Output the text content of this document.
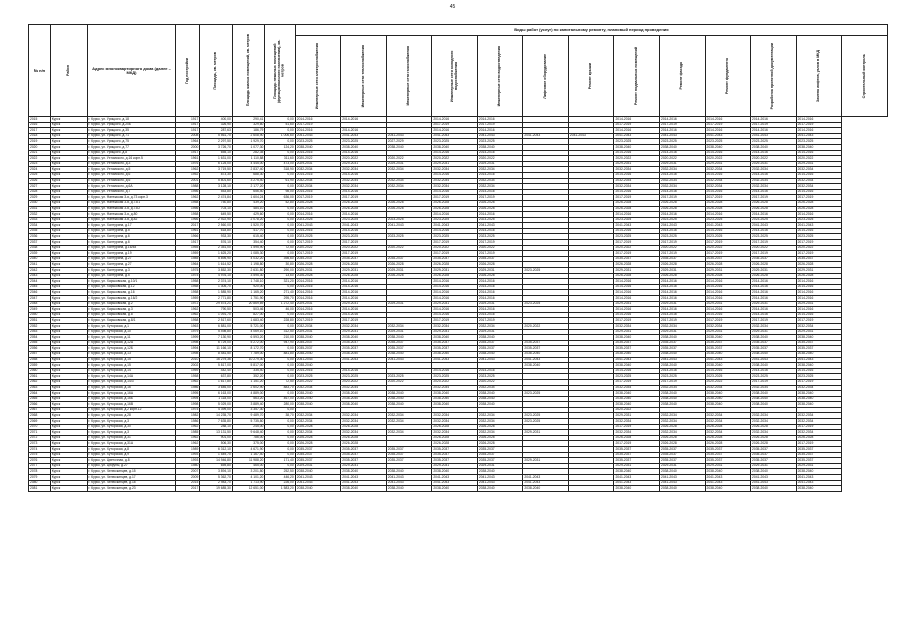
45
№ п/п	Район	Адрес многоквартирного дома (далее – МКД)	Год постройки	Площадь, кв. метров	Площадь жилых помещений, кв. метров	Площадь нежилых помещений (функционального назначения), кв. метров	Виды работ (услуг) по капитальному ремонту, плановый период проведения												

							Инженерные сети электроснабжения	Инженерные сети теплоснабжения	Инженерные сети газоснабжения	Инженерные сети холодного водоснабжения	Инженерные сети водоотведения	Лифтовое оборудование	Ремонт крыши	Ремонт подвальных помещений	Ремонт фасада	Ремонт фундамента	Разработка проектной документации	Замена лифтов, узлов в МКД	Строительный контроль

2015	Курск	г. Курск, ул. Урицкого, д.18	1917	400,00	290,41	0,00	2014-2016	2014-2016		2014-2016	2014-2016			2014-2016	2014-2016	2014-2016	2014-2016	2014-2016	
2016	Курск	г. Курск, ул. Урицкого, д.20Б	1917	326,90	329,60	51,60	2017-2019			2017-2019	2017-2019			2017-2019	2017-2019	2017-2019	2017-2019	2017-2019	
2017	Курск	г. Курск, ул. Урицкого, д.35	1917	287,63	186,79	0,00	2014-2016	2014-2016		2014-2016	2014-2016			2014-2016	2014-2016	2014-2016	2014-2016	2014-2016	
2018	Курск	г. Курск, ул. Урицкого, д.71	2008	5 561,70	2 608,90	1 006,60	2041-2043	2041-2043	2041-2043	2041-2043	2041-2043	2041-2043	2041-2043	2041-2043	2041-2043	2041-2043	2041-2043	2041-2043	
2019	Курск	г. Курск, ул. Урицкого, д.75	1964	2 297,50	1 929,70	0,00	2023-2025	2023-2025	2027-2029	2023-2025	2023-2025			2023-2025	2023-2025	2023-2025	2023-2025	2023-2025	
2020	Курск	г. Курск, ул. Урицкого, д.77	2000	3 726,70	1 077,30	124,20	2038-2040	2038-2040	2038-2040	2038-2040	2038-2040			2038-2040	2038-2040	2038-2040	2038-2040	2038-2040	
2021	Курск	г. Курск, ул. Урицкого, д.8	1917	655,10	282,35	0,00	2014-2016	2014-2016		2014-2016	2014-2016			2014-2016	2014-2016	2014-2016	2014-2016	2014-2016	
2022	Курск	г. Курск, ул. Ухтомского, д.16 корп.5	1961	1 631,00	1 110,88	311,60	2020-2022	2020-2022	2020-2022	2020-2022	2020-2022			2020-2022	2020-2022	2020-2022	2020-2022	2020-2022	
2023	Курск	г. Курск, ул. Ухтомского, д.3	1976	6 125,00	4 445,00	473,00	2029-2031	2029-2031	2029-2031	2029-2031	2029-2031			2029-2031	2029-2031	2029-2031	2029-2031	2029-2031	
2024	Курск	г. Курск, ул. Ухтомского, д.5	1962	3 719,50	2 837,40	318,90	2032-2034	2032-2034	2032-2034	2032-2034	2032-2034			2032-2034	2032-2034	2032-2034	2032-2034	2032-2034	
2025	Курск	г. Курск, ул. Ухтомского, д.6	1952	873,30	688,30	0,00	2014-2016	2014-2016		2014-2016	2014-2016			2014-2016	2014-2016	2014-2016	2014-2016	2014-2016	
2026	Курск	г. Курск, ул. Ухтомского, д.6	2001	5 801,60	3 275,40	61,90	2032-2034	2032-2034	2032-2034	2032-2034	2032-2034			2032-2034	2032-2034	2032-2034	2032-2034	2032-2034	
2027	Курск	г. Курск, ул. Ухтомского, д.6А	1988	3 128,10	2 177,20	0,00	2032-2034	2032-2034	2032-2034	2032-2034	2032-2034			2032-2034	2032-2034	2032-2034	2032-2034	2032-2034	
2028	Курск	г. Курск, ул. Ухтомского, д.7	1956	553,80	656,40	98,00	2014-2016	2014-2016		2014-2016	2014-2016			2014-2016	2014-2016	2014-2016	2014-2016	2014-2016	
2029	Курск	г. Курск, ул. Фатежская 3-я, д.73 корп.3	1962	2 474,84	1 604,24	636,00	2017-2019	2017-2019		2017-2019	2017-2019			2017-2019	2017-2019	2017-2019	2017-2019	2017-2019	
2030	Курск	г. Курск, ул. Фатежская 3-я, д.73/1	1958	750,80	439,20	52,80	2026-2028	2026-2028	2026-2028	2026-2028	2026-2028			2026-2028	2026-2028	2026-2028	2026-2028	2026-2028	
2031	Курск	г. Курск, ул. Фатежская 3-я, д.73/2	1956	703,10	484,10	0,00	2026-2028	2026-2028	2026-2028	2026-2028	2026-2028			2026-2028	2026-2028	2026-2028	2026-2028	2026-2028	
2032	Курск	г. Курск, ул. Фатежская 3-я, д.80	1958	649,50	429,60	0,00	2014-2016	2014-2016		2014-2016	2014-2016			2014-2016	2014-2016	2014-2016	2014-2016	2014-2016	
2033	Курск	г. Курск, ул. Фатежская 3-я, д.82	1966	2 922,90	2 078,20	0,00	2023-2025	2023-2025	2023-2025	2023-2025	2023-2025			2023-2025	2023-2025	2023-2025	2023-2025	2023-2025	
2034	Курск	г. Курск, ул. Халтурина, д.17	2017	2 560,00	1 520,70	0,00	2041-2043	2041-2043	2041-2043	2041-2043	2041-2043			2041-2043	2041-2043	2041-2043	2041-2043	2041-2043	
2035	Курск	г. Курск, ул. Халтурина, д.5	1961	618,80	417,70	0,00	2014-2016	2014-2016		2014-2016	2014-2016			2014-2016	2014-2016	2014-2016	2014-2016	2014-2016	
2036	Курск	г. Курск, ул. Халтурина, д.6	1966	933,30	615,40	0,00	2023-2025	2023-2025	2023-2025	2023-2025	2023-2025			2023-2025	2023-2025	2023-2025	2023-2025	2023-2025	
2037	Курск	г. Курск, ул. Халтурина, д.6	1917	576,10	354,40	0,00	2017-2019	2017-2019		2017-2019	2017-2019			2017-2019	2017-2019	2017-2019	2017-2019	2017-2019	
2038	Курск	г. Курск, ул. Халтурина, д.16/48	1955	2 351,00	1 595,90	72,50	2020-2022	2020-2022	2020-2022	2020-2022	2020-2022			2020-2022	2020-2022	2020-2022	2020-2022	2020-2022	
2039	Курск	г. Курск, ул. Халтурина, д.19	1959	1 625,20	1 085,30	0,00	2017-2019	2017-2019		2017-2019	2017-2019			2017-2019	2017-2019	2017-2019	2017-2019	2017-2019	
2040	Курск	г. Курск, ул. Халтурина, д.27	1985	5 895,90	4 032,20	398,60	2035-2037	2035-2037	2035-2037	2035-2037	2035-2037			2035-2037	2035-2037	2035-2037	2035-2037	2035-2037	
2041	Курск	г. Курск, ул. Халтурина, д.27	1964	1 614,52	1 198,80	30,80	2026-2028	2026-2028	2026-2028	2026-2028	2026-2028			2026-2028	2026-2028	2026-2028	2026-2028	2026-2028	
2042	Курск	г. Курск, ул. Халтурина, д.3	1975	3 852,30	2 631,80	290,00	2029-2031	2029-2031	2029-2031	2029-2031	2029-2031	2023-2025		2029-2031	2029-2031	2029-2031	2029-2031	2029-2031	
2043	Курск	г. Курск, ул. Халтурина, д.5	1975	4 976,10	3 595,30	13,60	2026-2028	2026-2028	2026-2028	2026-2028	2026-2028			2026-2028	2026-2028	2026-2028	2026-2028	2026-2028	
2044	Курск	г. Курск, ул. Харьковская, д.10/1	1958	2 374,10	1 748,10	321,20	2014-2016	2014-2016		2014-2016	2014-2016			2014-2016	2014-2016	2014-2016	2014-2016	2014-2016	
2045	Курск	г. Курск, ул. Харьковская, д.12	1958	1 305,70	920,00	0,00	2014-2016	2014-2016		2014-2016	2014-2016			2014-2016	2014-2016	2014-2016	2014-2016	2014-2016	
2046	Курск	г. Курск, ул. Харьковская, д.16	1958	1 585,90	1 165,20	271,40	2014-2016	2014-2016		2014-2016	2014-2016			2014-2016	2014-2016	2014-2016	2014-2016	2014-2016	
2047	Курск	г. Курск, ул. Харьковская, д.16/2	1959	2 771,80	1 751,90	295,70	2014-2016	2014-2016		2014-2016	2014-2016			2014-2016	2014-2016	2014-2016	2014-2016	2014-2016	
2048	Курск	г. Курск, ул. Харьковская, д.2	1972	29 574,21	20 869,69	1 272,40	2029-2031	2029-2031	2029-2031	2029-2031	2029-2031	2023-2025		2029-2031	2029-2031	2029-2031	2029-2031	2029-2031	
2049	Курск	г. Курск, ул. Харьковская, д.3	1962	790,50	503,46	46,00	2014-2016	2014-2016		2014-2016	2014-2016			2014-2016	2014-2016	2014-2016	2014-2016	2014-2016	
2050	Курск	г. Курск, ул. Харьковская, д.8	1962	1 091,70	827,00	0,00	2014-2016	2014-2016		2014-2016	2014-2016			2014-2016	2014-2016	2014-2016	2014-2016	2014-2016	
2051	Курск	г. Курск, ул. Харьковская, д.8/1	1958	2 517,60	1 683,40	228,80	2017-2019	2017-2019		2017-2019	2017-2019			2017-2019	2017-2019	2017-2019	2017-2019	2017-2019	
2052	Курск	г. Курск, ул. Хуторская, д.1	1963	6 881,00	5 721,00	0,00	2032-2034	2032-2034	2032-2034	2032-2034	2032-2034	2020-2022		2032-2034	2032-2034	2032-2034	2032-2034	2032-2034	
2053	Курск	г. Курск, ул. Хуторская, д.10	1979	5 498,80	4 069,10	312,50	2029-2031	2029-2031	2029-2031	2029-2031	2029-2031			2029-2031	2029-2031	2029-2031	2029-2031	2029-2031	
2054	Курск	г. Курск, ул. Хуторская, д.11	1999	7 130,90	6 593,20	210,00	2038-2040	2038-2040	2038-2040	2038-2040	2038-2040			2038-2040	2038-2040	2038-2040	2038-2040	2038-2040	
2055	Курск	г. Курск, ул. Хуторская, д.12А	1998	6 729,00	5 272,00	947,90	2035-2037	2035-2037	2035-2037	2035-2037	2035-2037	2035-2037		2035-2037	2035-2037	2035-2037	2035-2037	2035-2037	
2056	Курск	г. Курск, ул. Хуторская, д.12Б	1994	11 166,10	8 172,70	0,00	2035-2037	2035-2037	2035-2037	2035-2037	2035-2037	2035-2037		2035-2037	2035-2037	2035-2037	2035-2037	2035-2037	
2057	Курск	г. Курск, ул. Хуторская, д.13	1998	8 481,50	7 789,00	881,80	2038-2040	2038-2040	2038-2040	2038-2040	2038-2040	2038-2040		2038-2040	2038-2040	2038-2040	2038-2040	2038-2040	
2058	Курск	г. Курск, ул. Хуторская, д.15	2010	16 279,36	10 279,30	0,00	2041-2043	2041-2043	2041-2043	2041-2043	2041-2043	2041-2043		2041-2043	2041-2043	2041-2043	2041-2043	2041-2043	
2059	Курск	г. Курск, ул. Хуторская, д.15	2002	5 817,00	5 817,00	0,00	2038-2040					2038-2040		2038-2040	2038-2040	2038-2040	2038-2040	2038-2040	
2060	Курск	г. Курск, ул. Хуторская, д.14	1959	442,40	335,40	0,00	2014-2016	2014-2016		2014-2016	2014-2016			2014-2016	2014-2016	2014-2016	2014-2016	2014-2016	
2061	Курск	г. Курск, ул. Хуторская, д.14А	1958	637,80	352,20	0,00	2023-2025	2023-2025	2023-2025	2023-2025	2023-2025			2023-2025	2023-2025	2023-2025	2023-2025	2023-2025	
2062	Курск	г. Курск, ул. Хуторская, д.14/3	1962	1 617,80	1 151,20	72,50	2020-2022	2020-2022	2020-2022	2020-2022	2020-2022			2017-2019	2017-2019	2020-2022	2017-2019	2017-2019	
2063	Курск	г. Курск, ул. Хуторская, д.16	1986	3 646,00	2 602,90	883,70	2032-2034	2032-2034		2032-2034	2032-2034			2032-2034	2032-2034	2032-2034	2032-2034	2032-2034	
2064	Курск	г. Курск, ул. Хуторская, д.16А	1995	6 163,00	4 889,00	0,00	2038-2040	2038-2040	2038-2040	2038-2040	2038-2040	2023-2025		2038-2040	2038-2040	2038-2040	2038-2040	2038-2040	
2065	Курск	г. Курск, ул. Хуторская, д.16Б	1994	1 118,00	563,20	467,00	2038-2040	2038-2040	2038-2040	2038-2040	2038-2040			2038-2040	2038-2040	2038-2040	2038-2040	2038-2040	
2066	Курск	г. Курск, ул. Хуторская, д.16В	1998	5 029,00	3 889,40	280,00	2038-2040	2038-2040	2038-2040	2038-2040	2038-2040			2038-2040	2038-2040	2038-2040	2038-2040	2038-2040	
2067	Курск	г. Курск, ул. Хуторская, д.2 корп.12	1975	4 399,00	3 357,30	0,00								2020-2022					
2068	Курск	г. Курск, ул. Хуторская, д.28	1982	14 235,70	9 489,70	38,70	2032-2034	2032-2034	2032-2034	2032-2034	2032-2034	2023-2025		2029-2031	2032-2034	2032-2034	2032-2034	2032-2034	
2069	Курск	г. Курск, ул. Хуторская, д.3	1986	7 635,80	5 735,80	0,00	2032-2034	2032-2034	2032-2034	2032-2034	2032-2034	2023-2025		2032-2034	2032-2034	2032-2034	2032-2034	2032-2034	
2070	Курск	г. Курск, ул. Хуторская, д.30	1962	288,10	245,00	0,00	2026-2028	2026-2028		2026-2028	2026-2028			2017-2019	2026-2028	2026-2028	2026-2028	2017-2019	
2071	Курск	г. Курск, ул. Хуторская, д.3	1985	13 131,50	9 648,40	0,00	2032-2034	2032-2034	2032-2034	2032-2034	2032-2034	2029-2031		2032-2034	2032-2034	2032-2034	2032-2034	2032-2034	
2072	Курск	г. Курск, ул. Хуторская, д.31	1962	901,00	786,00	0,00	2026-2028	2026-2028		2026-2028	2026-2028			2026-2028	2026-2028	2026-2028	2026-2028	2026-2028	
2073	Курск	г. Курск, ул. Хуторская, д.31А	1962	506,30	375,00	0,00	2026-2028	2026-2028		2026-2028	2026-2028			2017-2019	2026-2028	2026-2028	2026-2028	2017-2019	
2074	Курск	г. Курск, ул. Хуторская, д.8	1989	6 312,10	4 671,90	0,00	2035-2037	2035-2037	2035-2037	2035-2037	2035-2037			2035-2037	2035-2037	2035-2037	2035-2037	2035-2037	
2075	Курск	г. Курск, ул. Хуторская, д.9	1993	1 549,70	1 167,40	0,00	2035-2037	2035-2037	2035-2037	2035-2037	2035-2037			2035-2037	2035-2037	2035-2037	2035-2037	2035-2037	
2076	Курск	г. Курск, ул. Цветочная, д.8	1993	14 946,80	11 988,20	171,40	2035-2037	2035-2037	2035-2037	2035-2037	2035-2037	2029-2031		2035-2037	2035-2037	2035-2037	2035-2037	2035-2037	
2077	Курск	г. Курск, ул. Цюрупы, д.27	1980	659,80	465,00	0,00	2029-2031	2029-2031		2029-2031	2029-2031			2029-2031	2029-2031	2029-2031	2029-2031	2029-2031	
2078	Курск	г. Курск, ул. Челюскинцев, д.15	2007	3 894,10	3 201,80	252,50	2038-2040	2038-2040	2038-2040	2038-2040	2038-2040			2038-2040	2038-2040	2038-2040	2038-2040	2038-2040	
2079	Курск	г. Курск, ул. Челюскинцев, д.17	2009	5 362,70	4 101,20	446,20	2041-2043	2041-2043	2041-2043	2041-2043	2041-2043	2041-2043		2041-2043	2041-2043	2041-2043	2041-2043	2041-2043	
2080	Курск	г. Курск, ул. Челюскинцев, д.18	2015	2 983,70	1 713,90	226,00	2041-2043	2041-2043	2041-2043	2041-2043	2041-2043	2041-2043		2041-2043	2041-2043	2041-2043	2041-2043	2041-2043	
2081	Курск	г. Курск, ул. Челюскинцев, д.23	2017	19 685,30	12 651,00	1 583,20	2038-2040	2038-2040	2038-2040	2038-2040	2038-2040	2038-2040		2038-2040	2038-2040	2038-2040	2038-2040	2038-2040	
